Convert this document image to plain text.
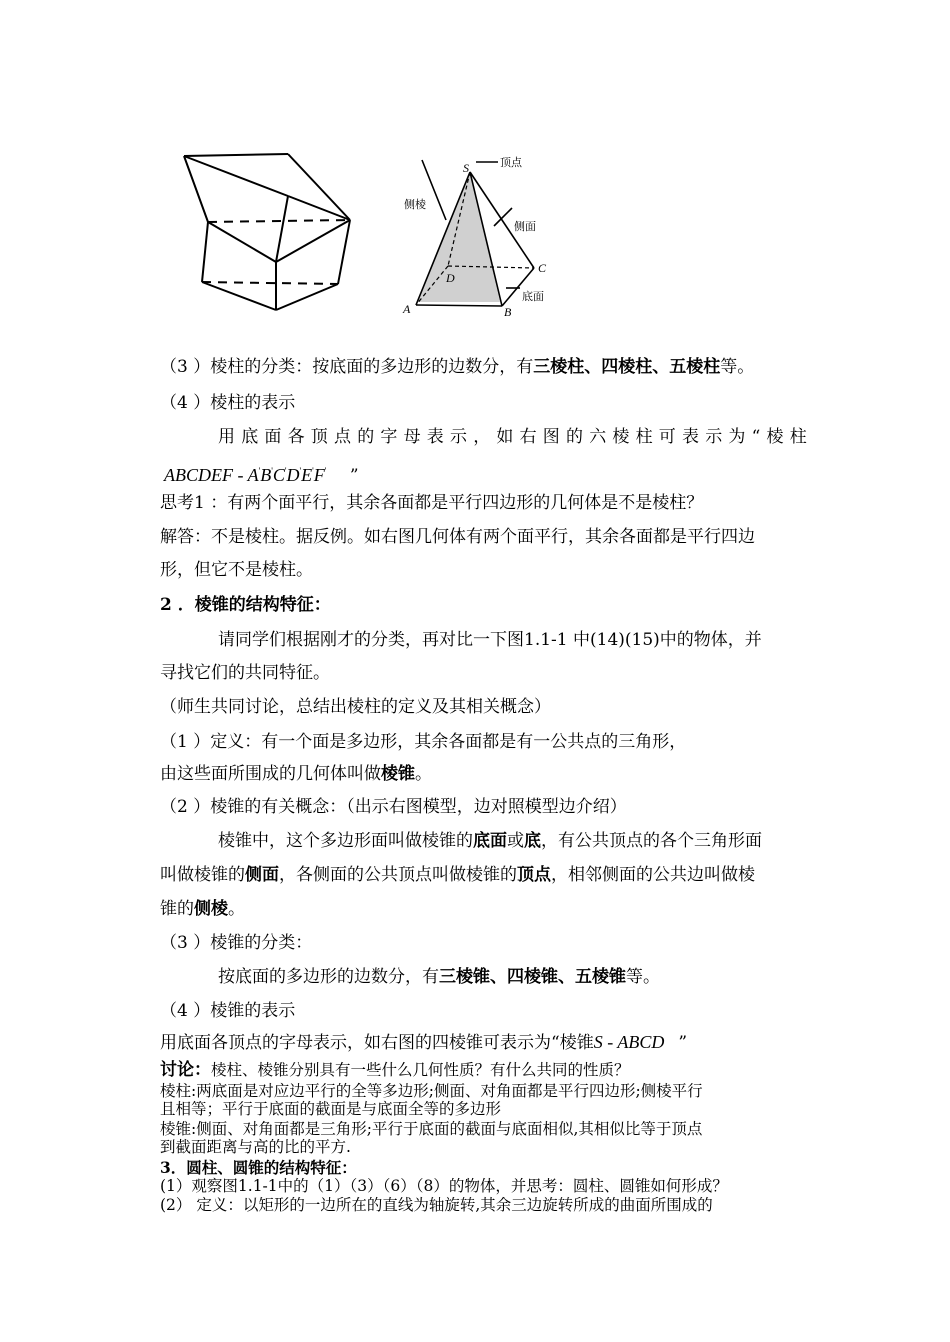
S	顶点
侧棱
侧面
D
C
A	B
底面
（3 ）棱柱的分类：按底面的多边形的边数分，有三棱柱、四棱柱、五棱柱等。
（4 ）棱柱的表示
用底面各顶点的字母表示，如右图的六棱柱可表示为“棱柱
ABCDEF - A'B'C'D'E'F' ”
思考1 ：有两个面平行，其余各面都是平行四边形的几何体是不是棱柱？
解答：不是棱柱。据反例。如右图几何体有两个面平行，其余各面都是平行四边
形，但它不是棱柱。
2 ．棱锥的结构特征：
请同学们根据刚才的分类，再对比一下图1.1-1 中(14)(15)中的物体，并
寻找它们的共同特征。
（师生共同讨论，总结出棱柱的定义及其相关概念）
（1 ）定义：有一个面是多边形，其余各面都是有一公共点的三角形，
由这些面所围成的几何体叫做棱锥。
（2 ）棱锥的有关概念：（出示右图模型，边对照模型边介绍）
棱锥中，这个多边形面叫做棱锥的底面或底，有公共顶点的各个三角形面
叫做棱锥的侧面，各侧面的公共顶点叫做棱锥的顶点，相邻侧面的公共边叫做棱
锥的侧棱。
（3 ）棱锥的分类：
按底面的多边形的边数分，有三棱锥、四棱锥、五棱锥等。
（4 ）棱锥的表示
用底面各顶点的字母表示，如右图的四棱锥可表示为“棱锥S - ABCD ”
讨论：棱柱、棱锥分别具有一些什么几何性质？有什么共同的性质？
棱柱:两底面是对应边平行的全等多边形;侧面、对角面都是平行四边形;侧棱平行
且相等；平行于底面的截面是与底面全等的多边形
棱锥:侧面、对角面都是三角形;平行于底面的截面与底面相似,其相似比等于顶点
到截面距离与高的比的平方.
3．圆柱、圆锥的结构特征：
(1）观察图1.1-1中的（1）（3）（6）（8）的物体，并思考：圆柱、圆锥如何形成？
(2） 定义：以矩形的一边所在的直线为轴旋转,其余三边旋转所成的曲面所围成的
